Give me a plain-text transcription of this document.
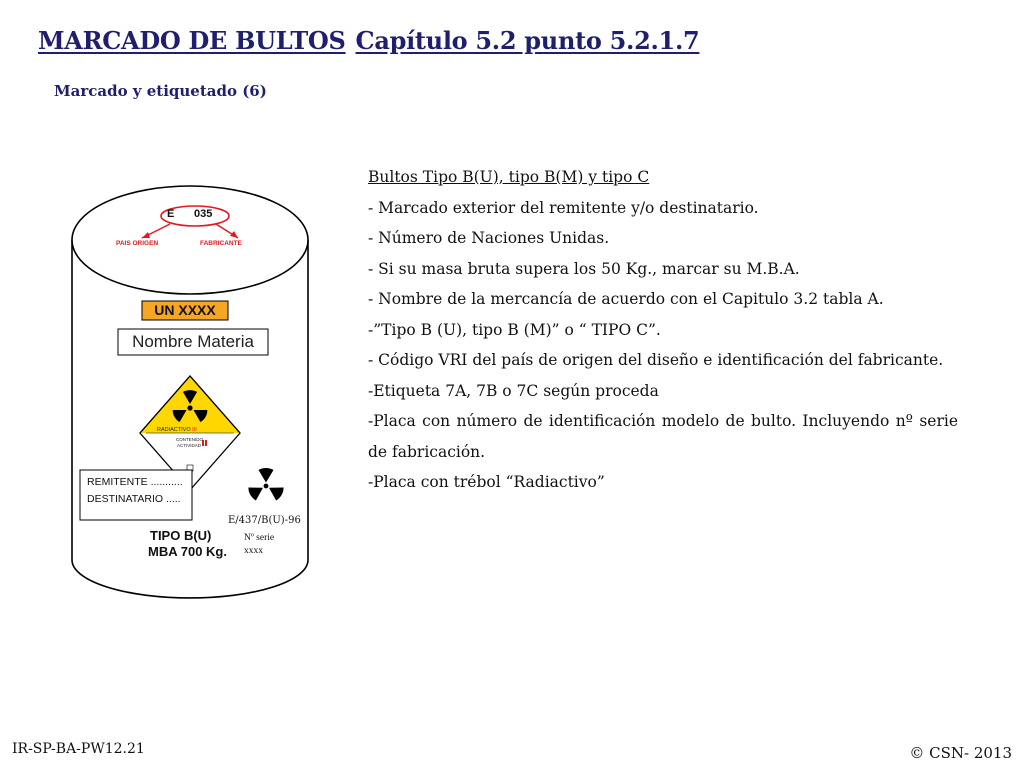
MARCADO DE BULTOS Capítulo 5.2 punto 5.2.1.7
Marcado y etiquetado (6)
E 035
PAIS ORIGEN	FABRICANTE
UN XXXX
Nombre Materia
RADIACTIVO III
CONTENIDO
ACTIVIDAD
REMITENTE ...........
DESTINATARIO .....
E/437/B(U)-96
TIPO B(U)
MBA 700 Kg.
Nº serie
xxxx
Bultos Tipo B(U), tipo B(M) y tipo C
- Marcado exterior del remitente y/o destinatario.
- Número de Naciones Unidas.
- Si su masa bruta supera los 50 Kg., marcar su M.B.A.
- Nombre de la mercancía de acuerdo con el Capitulo 3.2 tabla A.
-”Tipo B (U), tipo B (M)” o “ TIPO C”.
- Código VRI del país de origen del diseño e identificación del fabricante.
-Etiqueta 7A, 7B o 7C según proceda
-Placa con número de identificación modelo de bulto. Incluyendo nº serie de fabricación.
-Placa con trébol “Radiactivo”
IR-SP-BA-PW12.21	© CSN- 2013
